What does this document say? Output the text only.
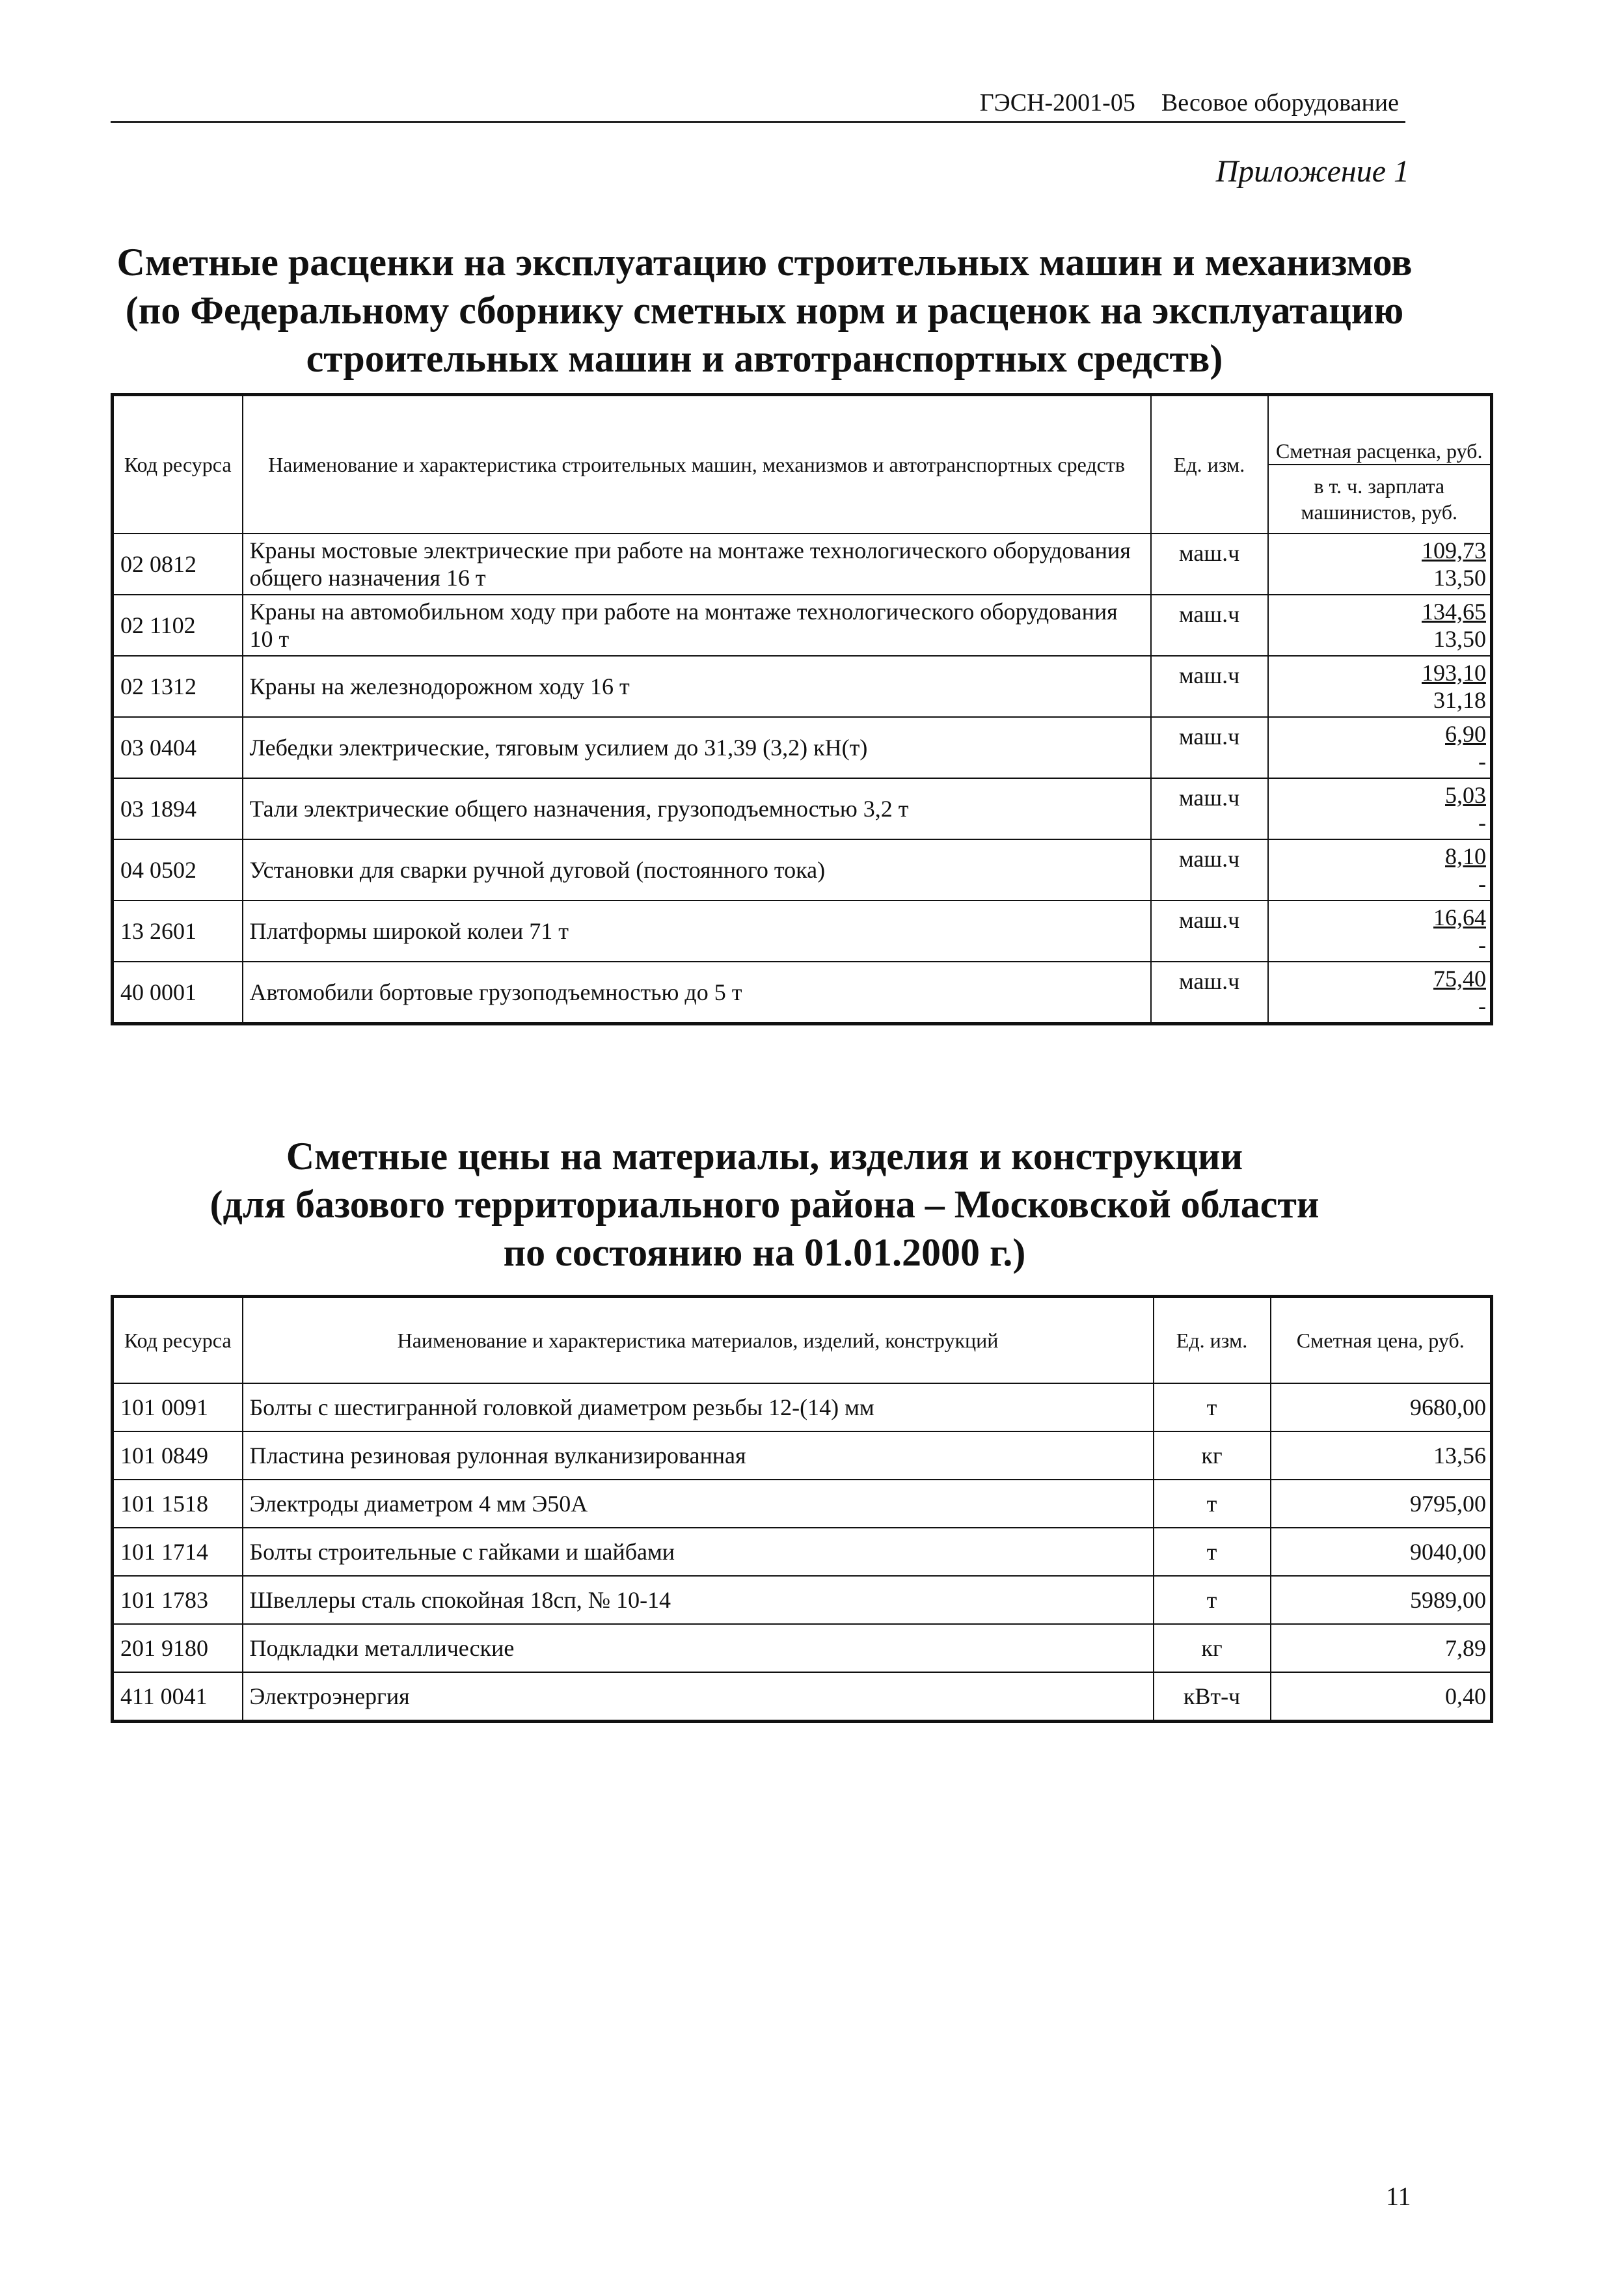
ГЭСН-2001-05 Весовое оборудование
Приложение 1
Сметные расценки на эксплуатацию строительных машин и механизмов
(по Федеральному сборнику сметных норм и расценок на эксплуатацию
строительных машин и автотранспортных средств)
Код ресурса	Наименование и характеристика строительных машин, механизмов и автотранспортных средств	Ед. изм.	Сметная расценка, руб.
			в т. ч. зарплата машинистов, руб.
02 0812	Краны мостовые электрические при работе на монтаже технологического оборудования общего назначения 16 т	маш.ч	109,73
13,50

02 1102	Краны на автомобильном ходу при работе на монтаже технологического оборудования 10 т	маш.ч	134,65
13,50

02 1312	Краны на железнодорожном ходу 16 т	маш.ч	193,10
31,18

03 0404	Лебедки электрические, тяговым усилием до 31,39 (3,2) кН(т)	маш.ч	6,90
-

03 1894	Тали электрические общего назначения, грузоподъемностью 3,2 т	маш.ч	5,03
-

04 0502	Установки для сварки ручной дуговой (постоянного тока)	маш.ч	8,10
-

13 2601	Платформы широкой колеи 71 т	маш.ч	16,64
-

40 0001	Автомобили бортовые грузоподъемностью до 5 т	маш.ч	75,40
-
Сметные цены на материалы, изделия и конструкции
(для базового территориального района – Московской области
по состоянию на 01.01.2000 г.)
Код ресурса	Наименование и характеристика материалов, изделий, конструкций	Ед. изм.	Сметная цена, руб.
101 0091	Болты с шестигранной головкой диаметром резьбы 12-(14) мм	т	9680,00
101 0849	Пластина резиновая рулонная вулканизированная	кг	13,56
101 1518	Электроды диаметром 4 мм Э50А	т	9795,00
101 1714	Болты строительные с гайками и шайбами	т	9040,00
101 1783	Швеллеры сталь спокойная 18сп, № 10-14	т	5989,00
201 9180	Подкладки металлические	кг	7,89
411 0041	Электроэнергия	кВт-ч	0,40
11
